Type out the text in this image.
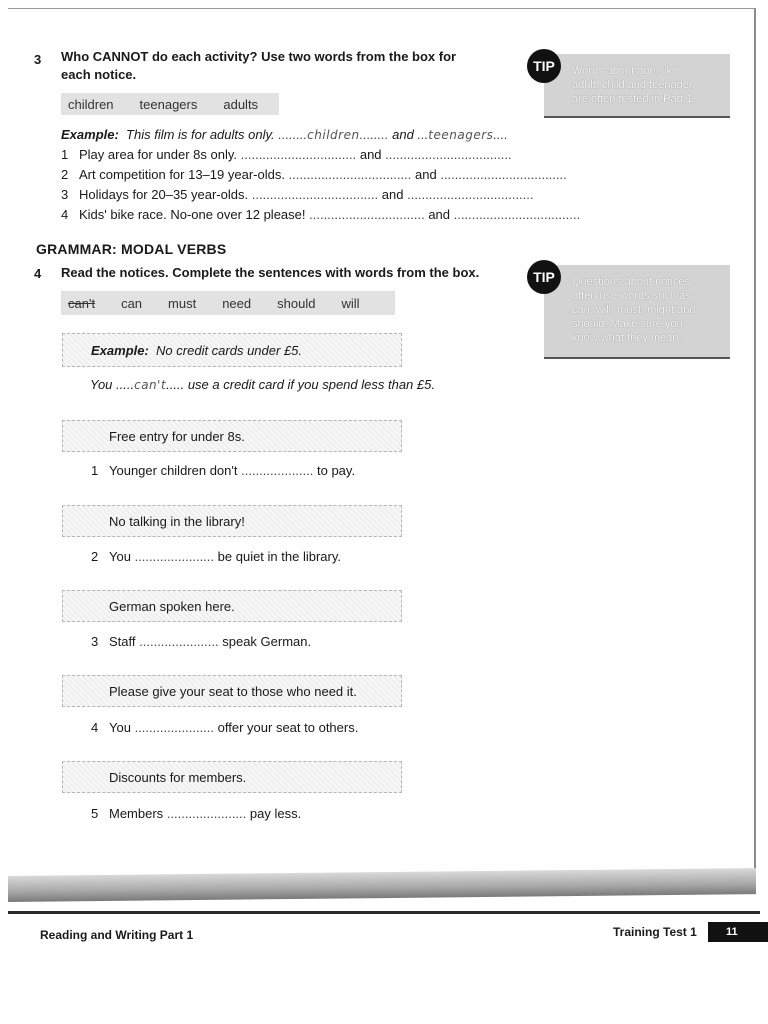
3 Who CANNOT do each activity? Use two words from the box for
each notice.
children teenagers adults
Example: This film is for adults only. ........children........ and ...teenagers....
1 Play area for under 8s only. ................................ and ...................................
2 Art competition for 13–19 year-olds. .................................. and ...................................
3 Holidays for 20–35 year-olds. ................................... and ...................................
4 Kids' bike race. No-one over 12 please! ................................ and ...................................
GRAMMAR: MODAL VERBS
4 Read the notices. Complete the sentences with words from the box.
can't can must need should will
Example:
No credit cards under £5.
You .....can't..... use a credit card if you spend less than £5.
Free entry for under 8s.
1 Younger children don't .................... to pay.
No talking in the library!
2 You ...................... be quiet in the library.
German spoken here.
3 Staff ...................... speak German.
Please give your seat to those who need it.
4 You ...................... offer your seat to others.
Discounts for members.
5 Members ...................... pay less.
Words about age, like
adult, child and teenager,
are often tested in Part 1.
TIP
Questions about notices
often use words such as
can, will, must, might and
should. Make sure you
know what they mean.
TIP
Reading and Writing Part 1	Training Test 1	11
